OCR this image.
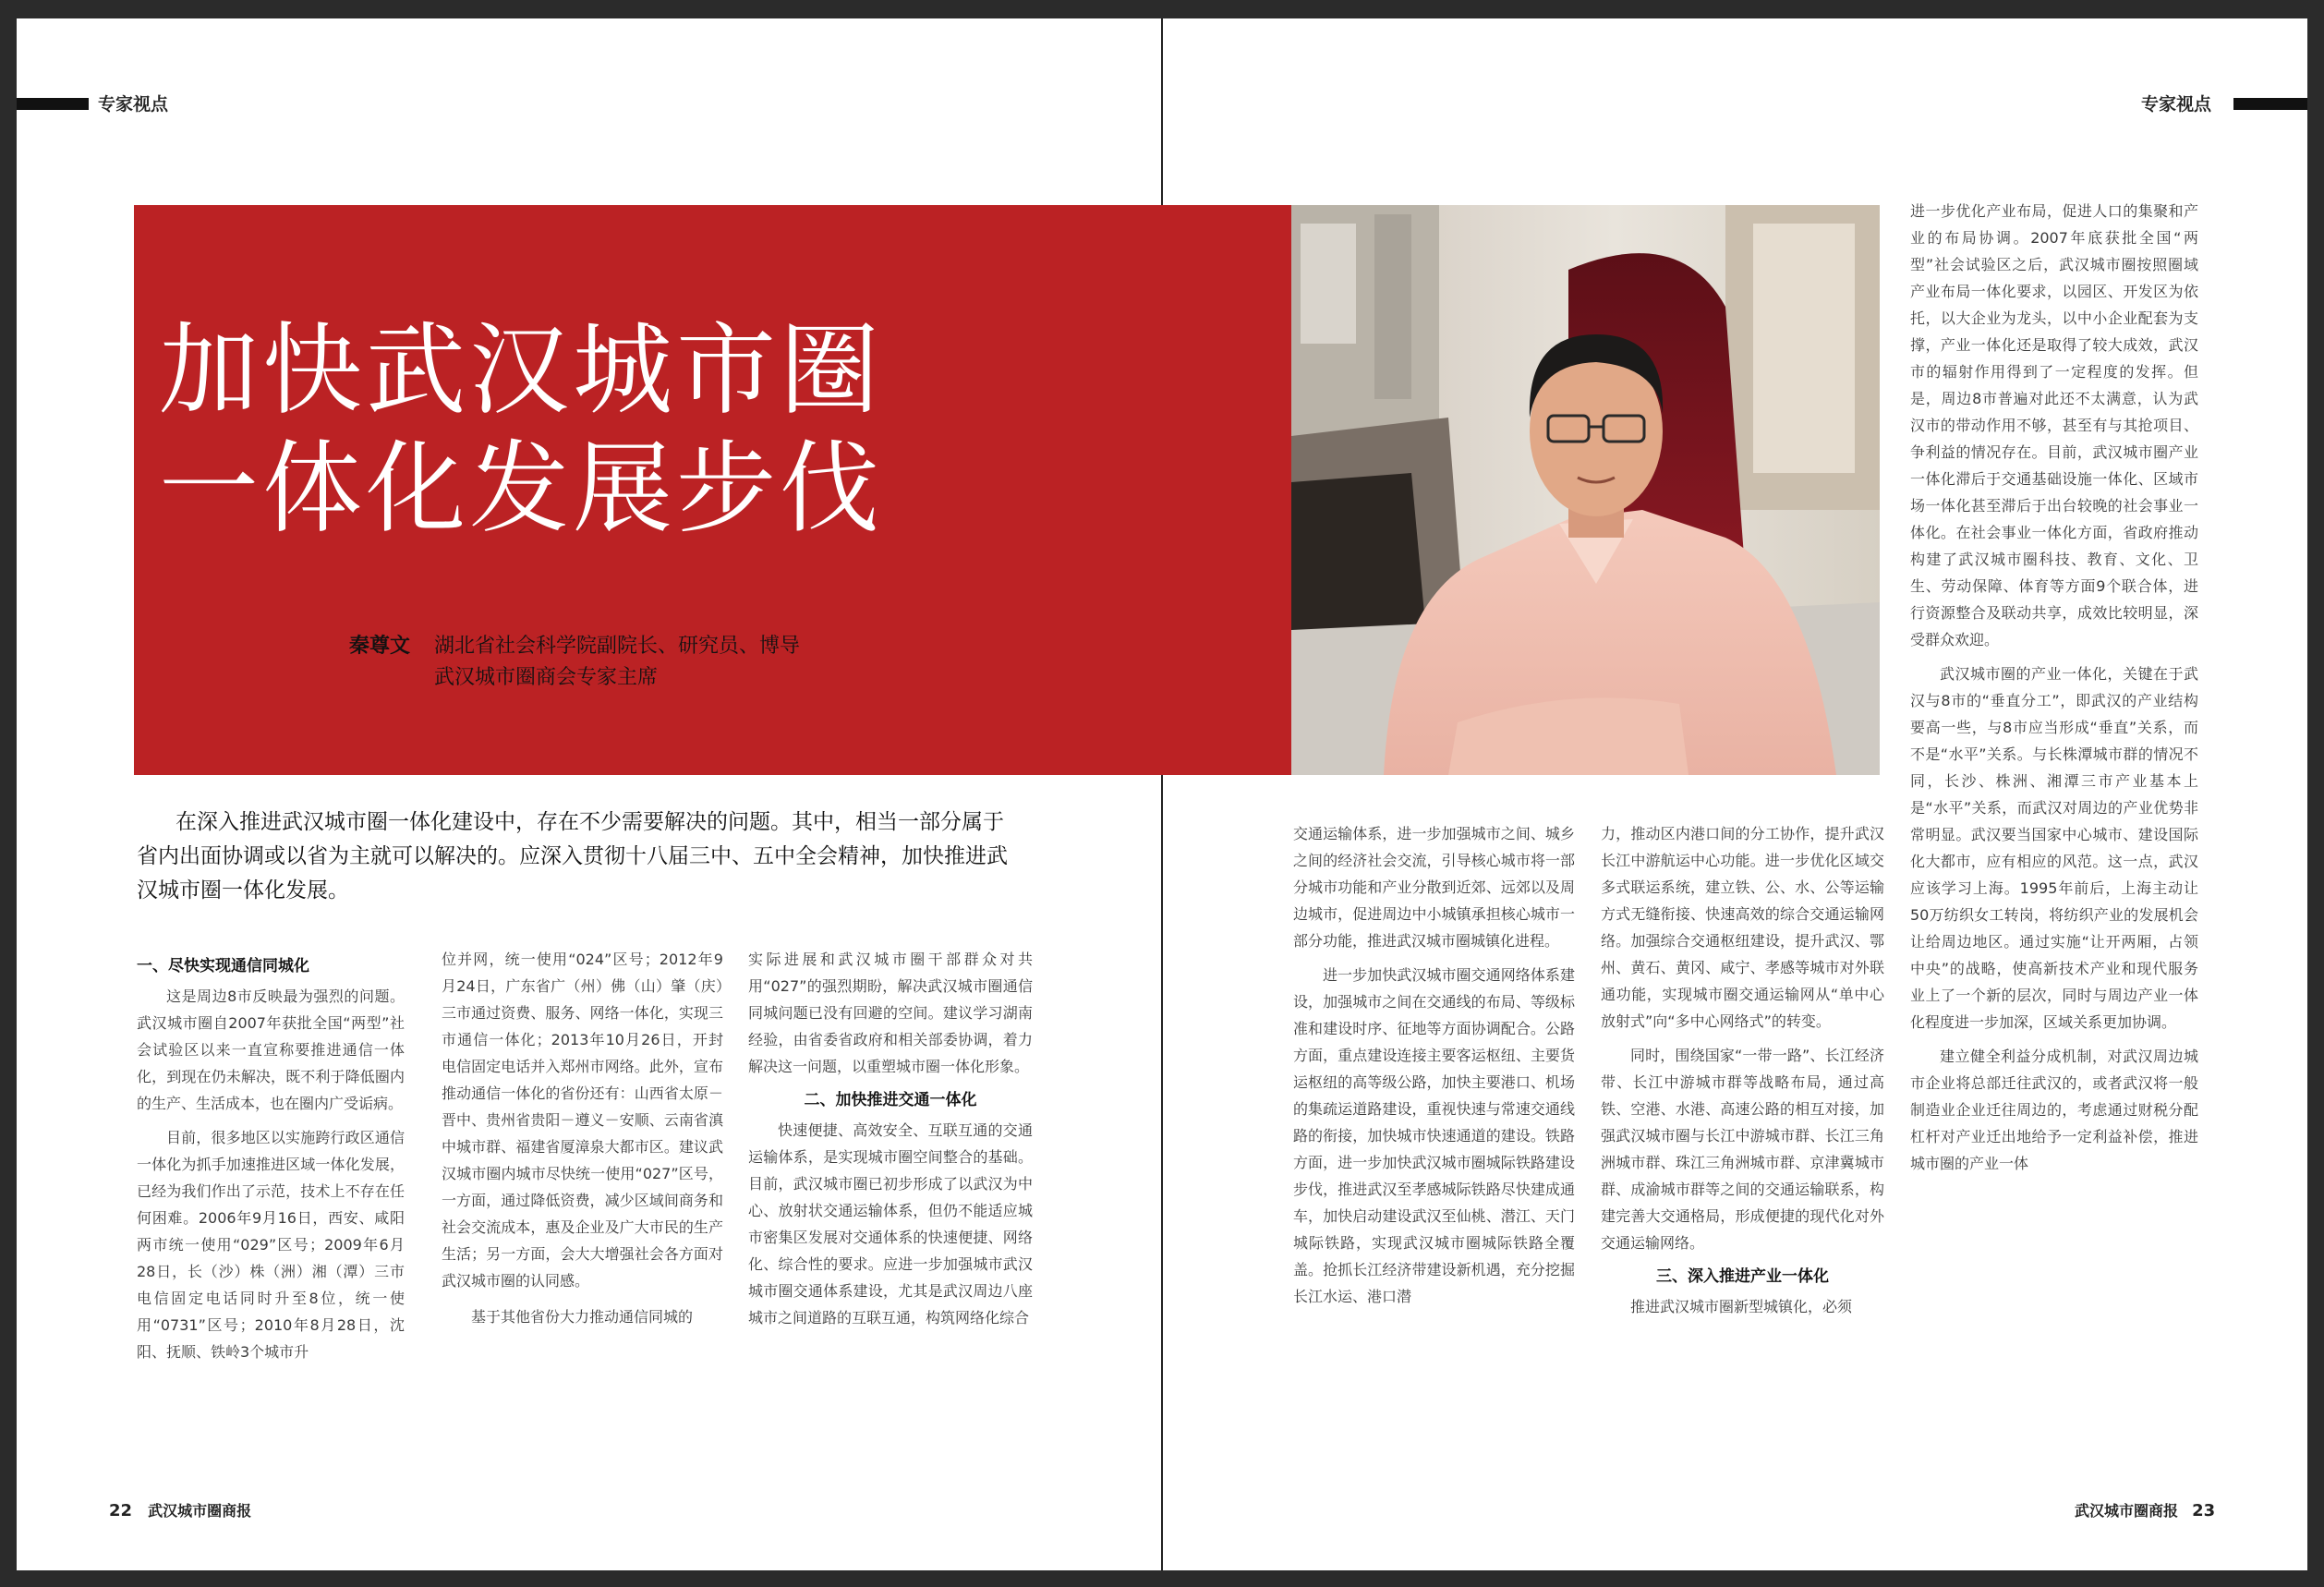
专家视点	专家视点
加快武汉城市圈
一体化发展步伐
秦尊文 湖北省社会科学院副院长、研究员、博导
武汉城市圈商会专家主席

在深入推进武汉城市圈一体化建设中，存在不少需要解决的问题。其中，相当一部分属于省内出面协调或以省为主就可以解决的。应深入贯彻十八届三中、五中全会精神，加快推进武汉城市圈一体化发展。

一、尽快实现通信同城化

这是周边8市反映最为强烈的问题。武汉城市圈自2007年获批全国“两型”社会试验区以来一直宣称要推进通信一体化，到现在仍未解决，既不利于降低圈内的生产、生活成本，也在圈内广受诟病。

目前，很多地区以实施跨行政区通信一体化为抓手加速推进区域一体化发展，已经为我们作出了示范，技术上不存在任何困难。2006年9月16日，西安、咸阳两市统一使用“029”区号；2009年6月28日，长（沙）株（洲）湘（潭）三市电信固定电话同时升至8位，统一使用“0731”区号；2010年8月28日，沈阳、抚顺、铁岭3个城市升

位并网，统一使用“024”区号；2012年9月24日，广东省广（州）佛（山）肇（庆）三市通过资费、服务、网络一体化，实现三市通信一体化；2013年10月26日，开封电信固定电话并入郑州市网络。此外，宣布推动通信一体化的省份还有：山西省太原－晋中、贵州省贵阳－遵义－安顺、云南省滇中城市群、福建省厦漳泉大都市区。建议武汉城市圈内城市尽快统一使用“027”区号，一方面，通过降低资费，减少区域间商务和社会交流成本，惠及企业及广大市民的生产生活；另一方面，会大大增强社会各方面对武汉城市圈的认同感。

基于其他省份大力推动通信同城的

实际进展和武汉城市圈干部群众对共用“027”的强烈期盼，解决武汉城市圈通信同城问题已没有回避的空间。建议学习湖南经验，由省委省政府和相关部委协调，着力解决这一问题，以重塑城市圈一体化形象。

二、加快推进交通一体化

快速便捷、高效安全、互联互通的交通运输体系，是实现城市圈空间整合的基础。目前，武汉城市圈已初步形成了以武汉为中心、放射状交通运输体系，但仍不能适应城市密集区发展对交通体系的快速便捷、网络化、综合性的要求。应进一步加强城市武汉城市圈交通体系建设，尤其是武汉周边八座城市之间道路的互联互通，构筑网络化综合

交通运输体系，进一步加强城市之间、城乡之间的经济社会交流，引导核心城市将一部分城市功能和产业分散到近郊、远郊以及周边城市，促进周边中小城镇承担核心城市一部分功能，推进武汉城市圈城镇化进程。

进一步加快武汉城市圈交通网络体系建设，加强城市之间在交通线的布局、等级标准和建设时序、征地等方面协调配合。公路方面，重点建设连接主要客运枢纽、主要货运枢纽的高等级公路，加快主要港口、机场的集疏运道路建设，重视快速与常速交通线路的衔接，加快城市快速通道的建设。铁路方面，进一步加快武汉城市圈城际铁路建设步伐，推进武汉至孝感城际铁路尽快建成通车，加快启动建设武汉至仙桃、潜江、天门城际铁路，实现武汉城市圈城际铁路全覆盖。抢抓长江经济带建设新机遇，充分挖掘长江水运、港口潜

力，推动区内港口间的分工协作，提升武汉长江中游航运中心功能。进一步优化区域交多式联运系统，建立铁、公、水、公等运输方式无缝衔接、快速高效的综合交通运输网络。加强综合交通枢纽建设，提升武汉、鄂州、黄石、黄冈、咸宁、孝感等城市对外联通功能，实现城市圈交通运输网从“单中心放射式”向“多中心网络式”的转变。

同时，围绕国家“一带一路”、长江经济带、长江中游城市群等战略布局，通过高铁、空港、水港、高速公路的相互对接，加强武汉城市圈与长江中游城市群、长江三角洲城市群、珠江三角洲城市群、京津冀城市群、成渝城市群等之间的交通运输联系，构建完善大交通格局，形成便捷的现代化对外交通运输网络。

三、深入推进产业一体化

推进武汉城市圈新型城镇化，必须

进一步优化产业布局，促进人口的集聚和产业的布局协调。2007年底获批全国“两型”社会试验区之后，武汉城市圈按照圈域产业布局一体化要求，以园区、开发区为依托，以大企业为龙头，以中小企业配套为支撑，产业一体化还是取得了较大成效，武汉市的辐射作用得到了一定程度的发挥。但是，周边8市普遍对此还不太满意，认为武汉市的带动作用不够，甚至有与其抢项目、争利益的情况存在。目前，武汉城市圈产业一体化滞后于交通基础设施一体化、区域市场一体化甚至滞后于出台较晚的社会事业一体化。在社会事业一体化方面，省政府推动构建了武汉城市圈科技、教育、文化、卫生、劳动保障、体育等方面9个联合体，进行资源整合及联动共享，成效比较明显，深受群众欢迎。

武汉城市圈的产业一体化，关键在于武汉与8市的“垂直分工”，即武汉的产业结构要高一些，与8市应当形成“垂直”关系，而不是“水平”关系。与长株潭城市群的情况不同，长沙、株洲、湘潭三市产业基本上是“水平”关系，而武汉对周边的产业优势非常明显。武汉要当国家中心城市、建设国际化大都市，应有相应的风范。这一点，武汉应该学习上海。1995年前后，上海主动让50万纺织女工转岗，将纺织产业的发展机会让给周边地区。通过实施“让开两厢，占领中央”的战略，使高新技术产业和现代服务业上了一个新的层次，同时与周边产业一体化程度进一步加深，区域关系更加协调。

建立健全利益分成机制，对武汉周边城市企业将总部迁往武汉的，或者武汉将一般制造业企业迁往周边的，考虑通过财税分配杠杆对产业迁出地给予一定利益补偿，推进城市圈的产业一体

22 武汉城市圈商报	武汉城市圈商报 23
